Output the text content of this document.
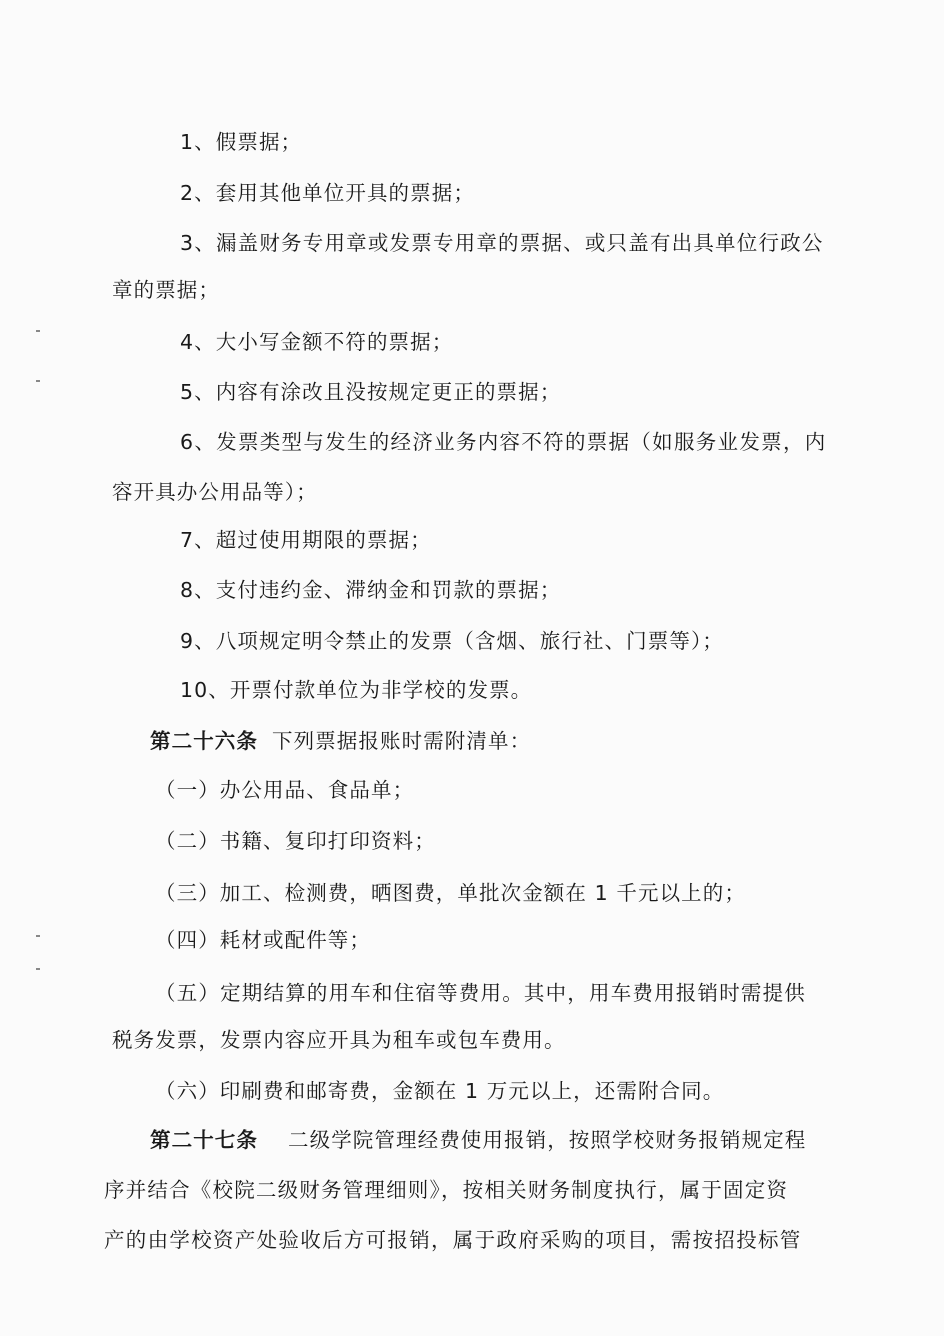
1、假票据；
2、套用其他单位开具的票据；
3、漏盖财务专用章或发票专用章的票据、或只盖有出具单位行政公
章的票据；
4、大小写金额不符的票据；
5、内容有涂改且没按规定更正的票据；
6、发票类型与发生的经济业务内容不符的票据（如服务业发票，内
容开具办公用品等）；
7、超过使用期限的票据；
8、支付违约金、滞纳金和罚款的票据；
9、八项规定明令禁止的发票（含烟、旅行社、门票等）；
10、开票付款单位为非学校的发票。
第二十六条 下列票据报账时需附清单：
（一）办公用品、食品单；
（二）书籍、复印打印资料；
（三）加工、检测费，晒图费，单批次金额在 1 千元以上的；
（四）耗材或配件等；
（五）定期结算的用车和住宿等费用。其中，用车费用报销时需提供
税务发票，发票内容应开具为租车或包车费用。
（六）印刷费和邮寄费，金额在 1 万元以上，还需附合同。
第二十七条 二级学院管理经费使用报销，按照学校财务报销规定程
序并结合《校院二级财务管理细则》，按相关财务制度执行，属于固定资
产的由学校资产处验收后方可报销，属于政府采购的项目，需按招投标管
